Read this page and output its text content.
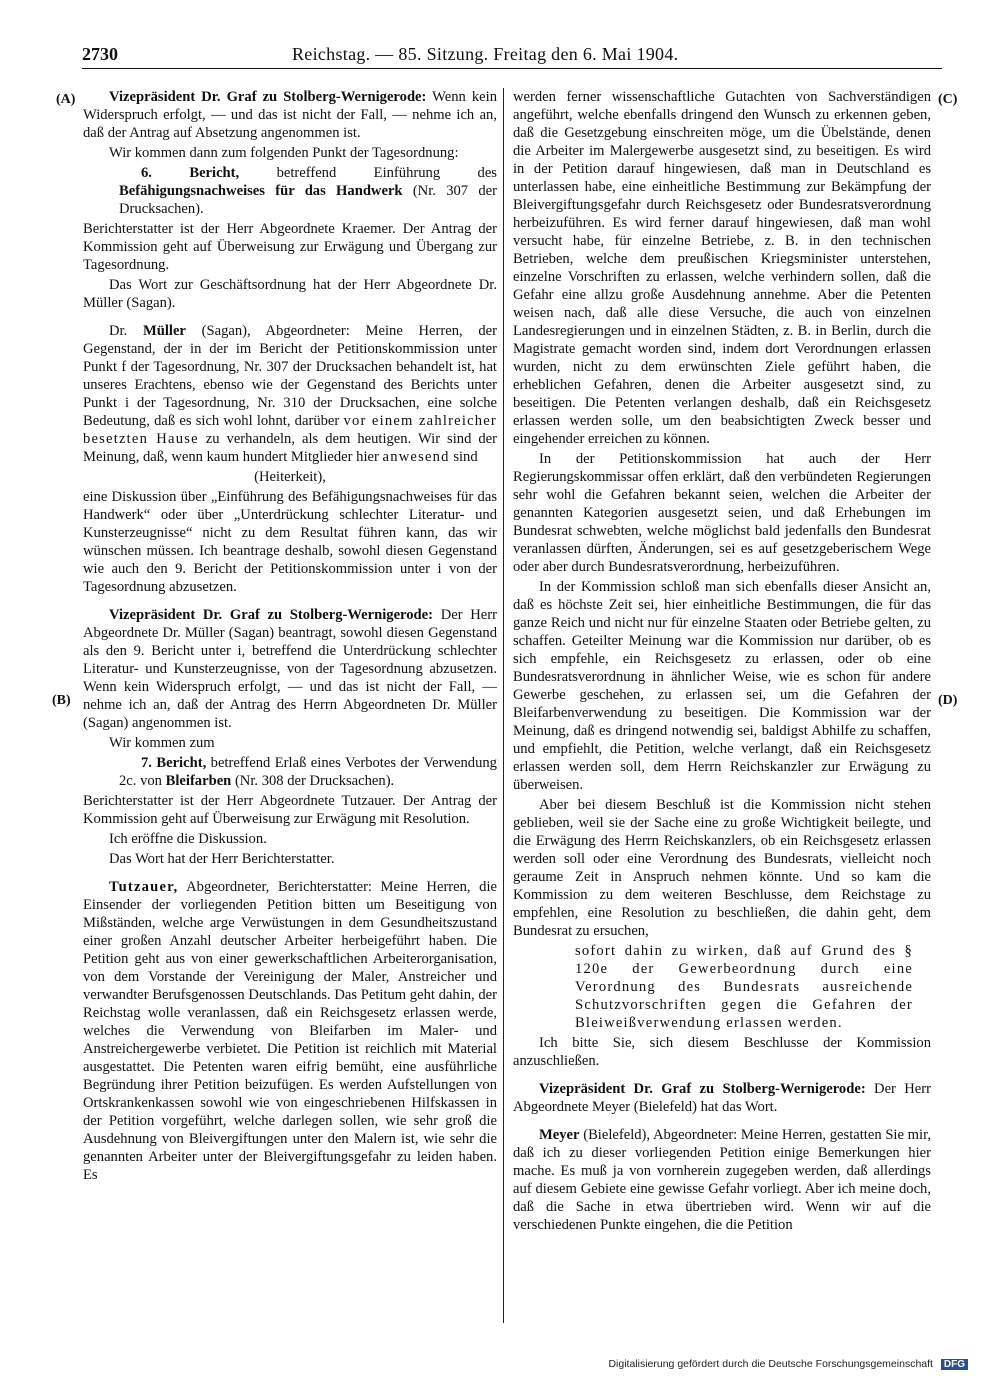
2730	Reichstag. — 85. Sitzung. Freitag den 6. Mai 1904.
(A)
(B)
(C)
(D)

Vizepräsident Dr. Graf zu Stolberg-Wernigerode: Wenn kein Widerspruch erfolgt, — und das ist nicht der Fall, — nehme ich an, daß der Antrag auf Absetzung angenommen ist.

Wir kommen dann zum folgenden Punkt der Tagesordnung:

6. Bericht, betreffend Einführung des Befähigungsnachweises für das Handwerk (Nr. 307 der Drucksachen).

Berichterstatter ist der Herr Abgeordnete Kraemer. Der Antrag der Kommission geht auf Überweisung zur Erwägung und Übergang zur Tagesordnung.

Das Wort zur Geschäftsordnung hat der Herr Abgeordnete Dr. Müller (Sagan).

Dr. Müller (Sagan), Abgeordneter: Meine Herren, der Gegenstand, der in der im Bericht der Petitionskommission unter Punkt f der Tagesordnung, Nr. 307 der Drucksachen behandelt ist, hat unseres Erachtens, ebenso wie der Gegenstand des Berichts unter Punkt i der Tagesordnung, Nr. 310 der Drucksachen, eine solche Bedeutung, daß es sich wohl lohnt, darüber vor einem zahlreicher besetzten Hause zu verhandeln, als dem heutigen. Wir sind der Meinung, daß, wenn kaum hundert Mitglieder hier anwesend sind

(Heiterkeit),

eine Diskussion über „Einführung des Befähigungsnachweises für das Handwerk“ oder über „Unterdrückung schlechter Literatur- und Kunsterzeugnisse“ nicht zu dem Resultat führen kann, das wir wünschen müssen. Ich beantrage deshalb, sowohl diesen Gegenstand wie auch den 9. Bericht der Petitionskommission unter i von der Tagesordnung abzusetzen.

Vizepräsident Dr. Graf zu Stolberg-Wernigerode: Der Herr Abgeordnete Dr. Müller (Sagan) beantragt, sowohl diesen Gegenstand als den 9. Bericht unter i, betreffend die Unterdrückung schlechter Literatur- und Kunsterzeugnisse, von der Tagesordnung abzusetzen. Wenn kein Widerspruch erfolgt, — und das ist nicht der Fall, — nehme ich an, daß der Antrag des Herrn Abgeordneten Dr. Müller (Sagan) angenommen ist.

Wir kommen zum

7. Bericht, betreffend Erlaß eines Verbotes der Verwendung 2c. von Bleifarben (Nr. 308 der Drucksachen).

Berichterstatter ist der Herr Abgeordnete Tutzauer. Der Antrag der Kommission geht auf Überweisung zur Erwägung mit Resolution.

Ich eröffne die Diskussion.

Das Wort hat der Herr Berichterstatter.

Tutzauer, Abgeordneter, Berichterstatter: Meine Herren, die Einsender der vorliegenden Petition bitten um Beseitigung von Mißständen, welche arge Verwüstungen in dem Gesundheitszustand einer großen Anzahl deutscher Arbeiter herbeigeführt haben. Die Petition geht aus von einer gewerkschaftlichen Arbeiterorganisation, von dem Vorstande der Vereinigung der Maler, Anstreicher und verwandter Berufsgenossen Deutschlands. Das Petitum geht dahin, der Reichstag wolle veranlassen, daß ein Reichsgesetz erlassen werde, welches die Verwendung von Bleifarben im Maler- und Anstreichergewerbe verbietet. Die Petition ist reichlich mit Material ausgestattet. Die Petenten waren eifrig bemüht, eine ausführliche Begründung ihrer Petition beizufügen. Es werden Aufstellungen von Ortskrankenkassen sowohl wie von eingeschriebenen Hilfskassen in der Petition vorgeführt, welche darlegen sollen, wie sehr groß die Ausdehnung von Bleivergiftungen unter den Malern ist, wie sehr die genannten Arbeiter unter der Bleivergiftungsgefahr zu leiden haben. Es

werden ferner wissenschaftliche Gutachten von Sachverständigen angeführt, welche ebenfalls dringend den Wunsch zu erkennen geben, daß die Gesetzgebung einschreiten möge, um die Übelstände, denen die Arbeiter im Malergewerbe ausgesetzt sind, zu beseitigen. Es wird in der Petition darauf hingewiesen, daß man in Deutschland es unterlassen habe, eine einheitliche Bestimmung zur Bekämpfung der Bleivergiftungsgefahr durch Reichsgesetz oder Bundesratsverordnung herbeizuführen. Es wird ferner darauf hingewiesen, daß man wohl versucht habe, für einzelne Betriebe, z. B. in den technischen Betrieben, welche dem preußischen Kriegsminister unterstehen, einzelne Vorschriften zu erlassen, welche verhindern sollen, daß die Gefahr eine allzu große Ausdehnung annehme. Aber die Petenten weisen nach, daß alle diese Versuche, die auch von einzelnen Landesregierungen und in einzelnen Städten, z. B. in Berlin, durch die Magistrate gemacht worden sind, indem dort Verordnungen erlassen wurden, nicht zu dem erwünschten Ziele geführt haben, die erheblichen Gefahren, denen die Arbeiter ausgesetzt sind, zu beseitigen. Die Petenten verlangen deshalb, daß ein Reichsgesetz erlassen werden solle, um den beabsichtigten Zweck besser und eingehender erreichen zu können.

In der Petitionskommission hat auch der Herr Regierungskommissar offen erklärt, daß den verbündeten Regierungen sehr wohl die Gefahren bekannt seien, welchen die Arbeiter der genannten Kategorien ausgesetzt seien, und daß Erhebungen im Bundesrat schwebten, welche möglichst bald jedenfalls den Bundesrat veranlassen dürften, Änderungen, sei es auf gesetzgeberischem Wege oder aber durch Bundesratsverordnung, herbeizuführen.

In der Kommission schloß man sich ebenfalls dieser Ansicht an, daß es höchste Zeit sei, hier einheitliche Bestimmungen, die für das ganze Reich und nicht nur für einzelne Staaten oder Betriebe gelten, zu schaffen. Geteilter Meinung war die Kommission nur darüber, ob es sich empfehle, ein Reichsgesetz zu erlassen, oder ob eine Bundesratsverordnung in ähnlicher Weise, wie es schon für andere Gewerbe geschehen, zu erlassen sei, um die Gefahren der Bleifarbenverwendung zu beseitigen. Die Kommission war der Meinung, daß es dringend notwendig sei, baldigst Abhilfe zu schaffen, und empfiehlt, die Petition, welche verlangt, daß ein Reichsgesetz erlassen werden soll, dem Herrn Reichskanzler zur Erwägung zu überweisen.

Aber bei diesem Beschluß ist die Kommission nicht stehen geblieben, weil sie der Sache eine zu große Wichtigkeit beilegte, und die Erwägung des Herrn Reichskanzlers, ob ein Reichsgesetz erlassen werden soll oder eine Verordnung des Bundesrats, vielleicht noch geraume Zeit in Anspruch nehmen könnte. Und so kam die Kommission zu dem weiteren Beschlusse, dem Reichstage zu empfehlen, eine Resolution zu beschließen, die dahin geht, dem Bundesrat zu ersuchen,

sofort dahin zu wirken, daß auf Grund des § 120e der Gewerbeordnung durch eine Verordnung des Bundesrats ausreichende Schutzvorschriften gegen die Gefahren der Bleiweißverwendung erlassen werden.

Ich bitte Sie, sich diesem Beschlusse der Kommission anzuschließen.

Vizepräsident Dr. Graf zu Stolberg-Wernigerode: Der Herr Abgeordnete Meyer (Bielefeld) hat das Wort.

Meyer (Bielefeld), Abgeordneter: Meine Herren, gestatten Sie mir, daß ich zu dieser vorliegenden Petition einige Bemerkungen hier mache. Es muß ja von vornherein zugegeben werden, daß allerdings auf diesem Gebiete eine gewisse Gefahr vorliegt. Aber ich meine doch, daß die Sache in etwa übertrieben wird. Wenn wir auf die verschiedenen Punkte eingehen, die die Petition

Digitalisierung gefördert durch die Deutsche Forschungsgemeinschaft DFG
